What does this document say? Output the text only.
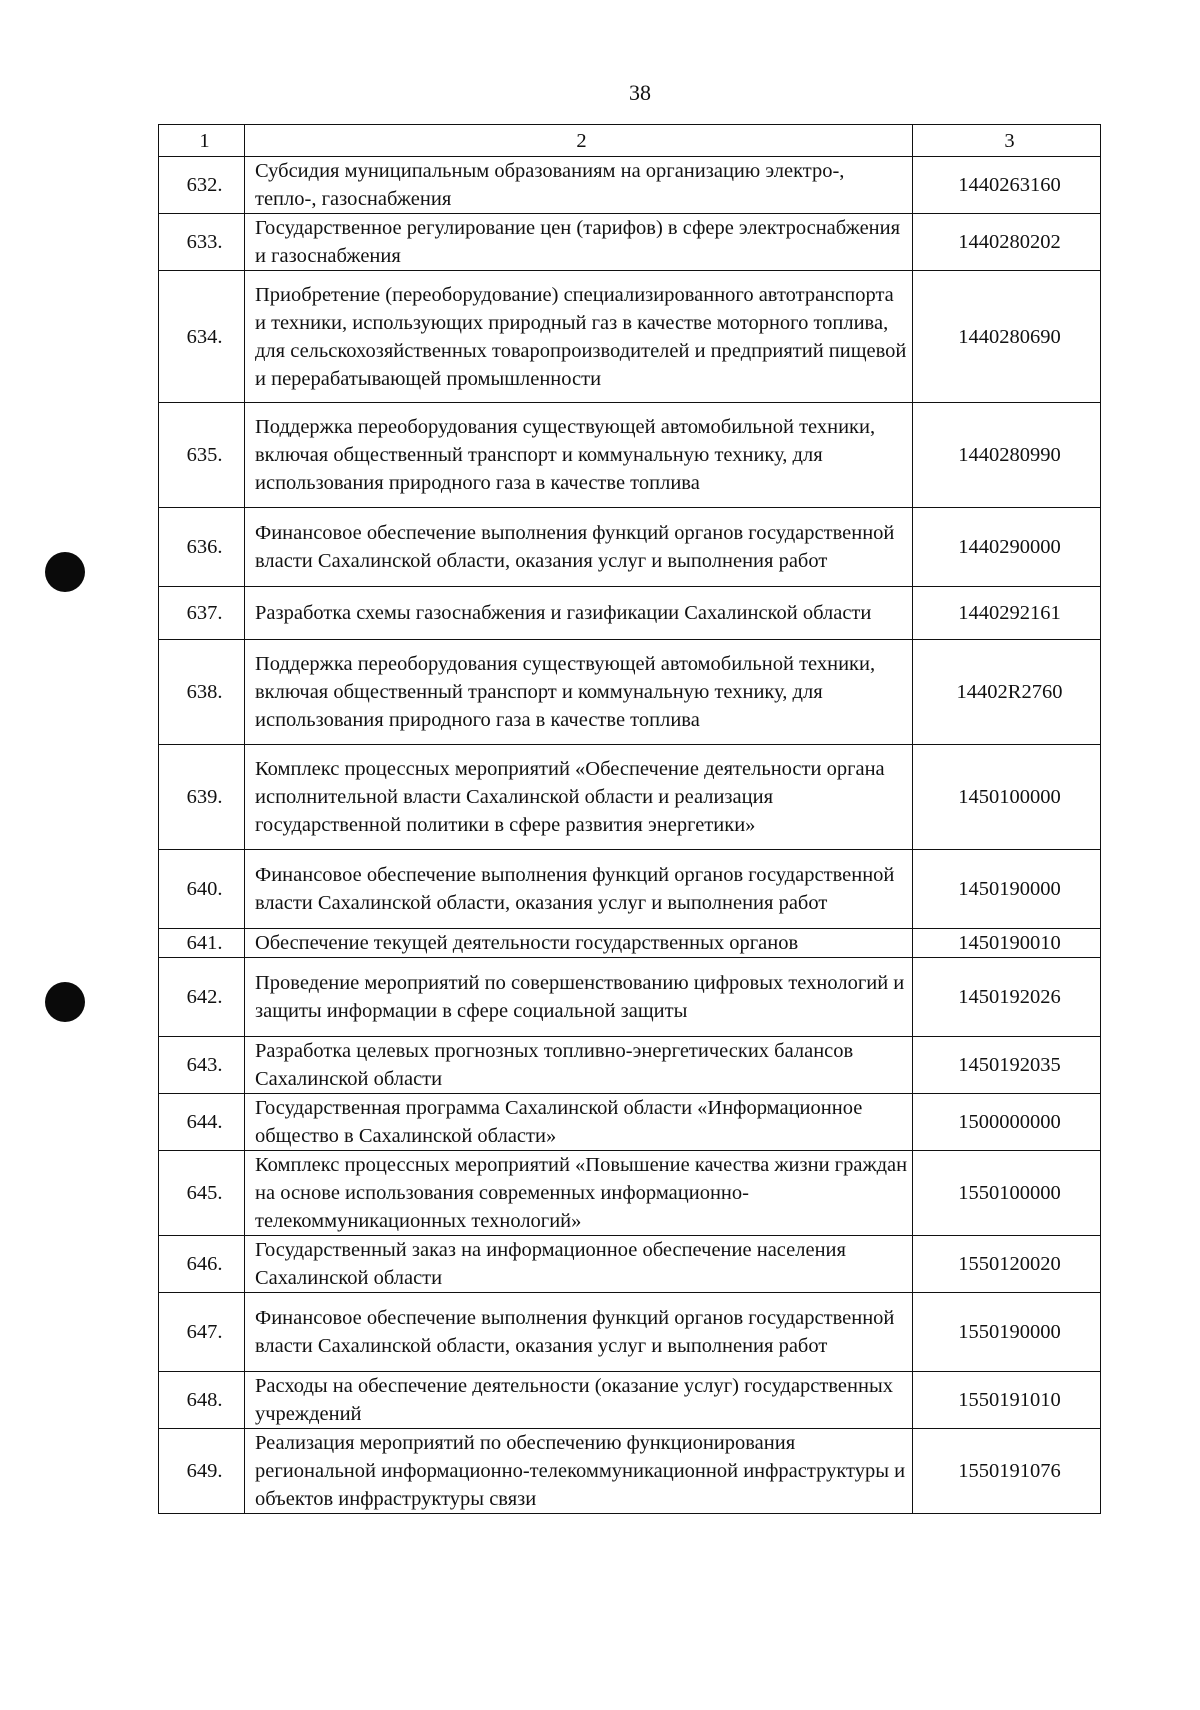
38
1	2	3
632.	Субсидия муниципальным образованиям на организацию электро-, тепло-, газоснабжения	1440263160
633.	Государственное регулирование цен (тарифов) в сфере электроснабжения и газоснабжения	1440280202
634.	Приобретение (переоборудование) специализированного автотранспорта и техники, использующих природный газ в качестве моторного топлива, для сельскохозяйственных товаропроизводителей и предприятий пищевой и перерабатывающей промышленности	1440280690
635.	Поддержка переоборудования существующей автомобильной техники, включая общественный транспорт и коммунальную технику, для использования природного газа в качестве топлива	1440280990
636.	Финансовое обеспечение выполнения функций органов государственной власти Сахалинской области, оказания услуг и выполнения работ	1440290000
637.	Разработка схемы газоснабжения и газификации Сахалинской области	1440292161
638.	Поддержка переоборудования существующей автомобильной техники, включая общественный транспорт и коммунальную технику, для использования природного газа в качестве топлива	14402R2760
639.	Комплекс процессных мероприятий «Обеспечение деятельности органа исполнительной власти Сахалинской области и реализация государственной политики в сфере развития энергетики»	1450100000
640.	Финансовое обеспечение выполнения функций органов государственной власти Сахалинской области, оказания услуг и выполнения работ	1450190000
641.	Обеспечение текущей деятельности государственных органов	1450190010
642.	Проведение мероприятий по совершенствованию цифровых технологий и защиты информации в сфере социальной защиты	1450192026
643.	Разработка целевых прогнозных топливно-энергетических балансов Сахалинской области	1450192035
644.	Государственная программа Сахалинской области «Информационное общество в Сахалинской области»	1500000000
645.	Комплекс процессных мероприятий «Повышение качества жизни граждан на основе использования современных информационно-телекоммуникационных технологий»	1550100000
646.	Государственный заказ на информационное обеспечение населения Сахалинской области	1550120020
647.	Финансовое обеспечение выполнения функций органов государственной власти Сахалинской области, оказания услуг и выполнения работ	1550190000
648.	Расходы на обеспечение деятельности (оказание услуг) государственных учреждений	1550191010
649.	Реализация мероприятий по обеспечению функционирования региональной информационно-телекоммуникационной инфраструктуры и объектов инфраструктуры связи	1550191076
